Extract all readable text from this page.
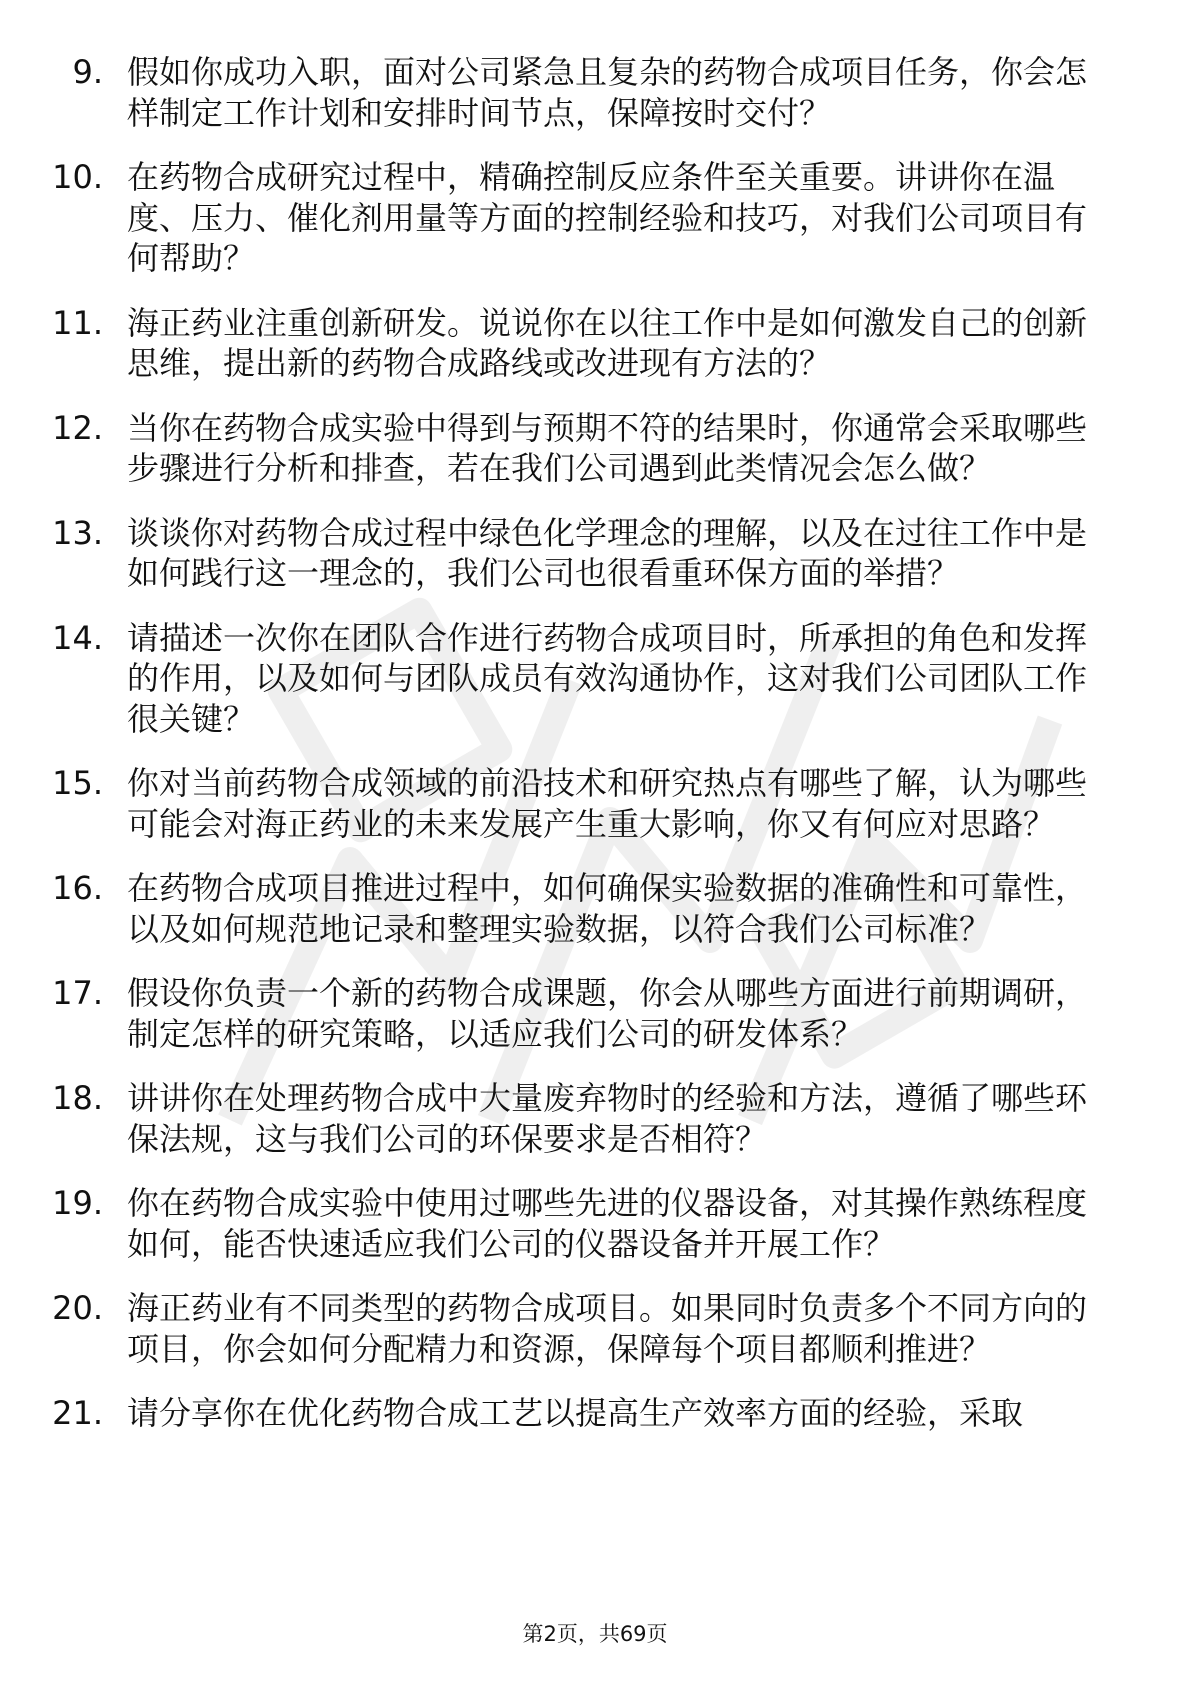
9. 假如你成功入职，面对公司紧急且复杂的药物合成项目任务，你会怎样制定工作计划和安排时间节点，保障按时交付？
10. 在药物合成研究过程中，精确控制反应条件至关重要。讲讲你在温度、压力、催化剂用量等方面的控制经验和技巧，对我们公司项目有何帮助？
11. 海正药业注重创新研发。说说你在以往工作中是如何激发自己的创新思维，提出新的药物合成路线或改进现有方法的？
12. 当你在药物合成实验中得到与预期不符的结果时，你通常会采取哪些步骤进行分析和排查，若在我们公司遇到此类情况会怎么做？
13. 谈谈你对药物合成过程中绿色化学理念的理解，以及在过往工作中是如何践行这一理念的，我们公司也很看重环保方面的举措？
14. 请描述一次你在团队合作进行药物合成项目时，所承担的角色和发挥的作用，以及如何与团队成员有效沟通协作，这对我们公司团队工作很关键？
15. 你对当前药物合成领域的前沿技术和研究热点有哪些了解，认为哪些可能会对海正药业的未来发展产生重大影响，你又有何应对思路？
16. 在药物合成项目推进过程中，如何确保实验数据的准确性和可靠性，以及如何规范地记录和整理实验数据，以符合我们公司标准？
17. 假设你负责一个新的药物合成课题，你会从哪些方面进行前期调研，制定怎样的研究策略，以适应我们公司的研发体系？
18. 讲讲你在处理药物合成中大量废弃物时的经验和方法，遵循了哪些环保法规，这与我们公司的环保要求是否相符？
19. 你在药物合成实验中使用过哪些先进的仪器设备，对其操作熟练程度如何，能否快速适应我们公司的仪器设备并开展工作？
20. 海正药业有不同类型的药物合成项目。如果同时负责多个不同方向的项目，你会如何分配精力和资源，保障每个项目都顺利推进？
21. 请分享你在优化药物合成工艺以提高生产效率方面的经验，采取
第2页，共69页
